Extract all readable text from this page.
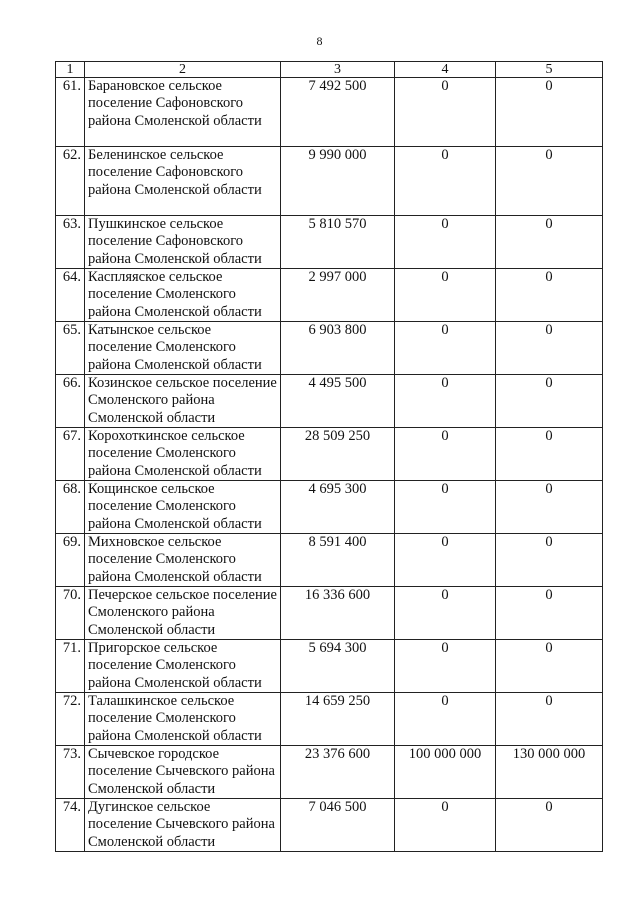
8
1	2	3	4	5
61.	Барановское сельское поселение Сафоновского района Смоленской области	7 492 500	0	0
62.	Беленинское сельское поселение Сафоновского района Смоленской области	9 990 000	0	0
63.	Пушкинское сельское поселение Сафоновского района Смоленской области	5 810 570	0	0
64.	Каспляяское сельское поселение Смоленского района Смоленской области	2 997 000	0	0
65.	Катынское сельское поселение Смоленского района Смоленской области	6 903 800	0	0
66.	Козинское сельское поселение Смоленского района Смоленской области	4 495 500	0	0
67.	Корохоткинское сельское поселение Смоленского района Смоленской области	28 509 250	0	0
68.	Кощинское сельское поселение Смоленского района Смоленской области	4 695 300	0	0
69.	Михновское сельское поселение Смоленского района Смоленской области	8 591 400	0	0
70.	Печерское сельское поселение Смоленского района Смоленской области	16 336 600	0	0
71.	Пригорское сельское поселение Смоленского района Смоленской области	5 694 300	0	0
72.	Талашкинское сельское поселение Смоленского района Смоленской области	14 659 250	0	0
73.	Сычевское городское поселение Сычевского района Смоленской области	23 376 600	100 000 000	130 000 000
74.	Дугинское сельское поселение Сычевского района Смоленской области	7 046 500	0	0
